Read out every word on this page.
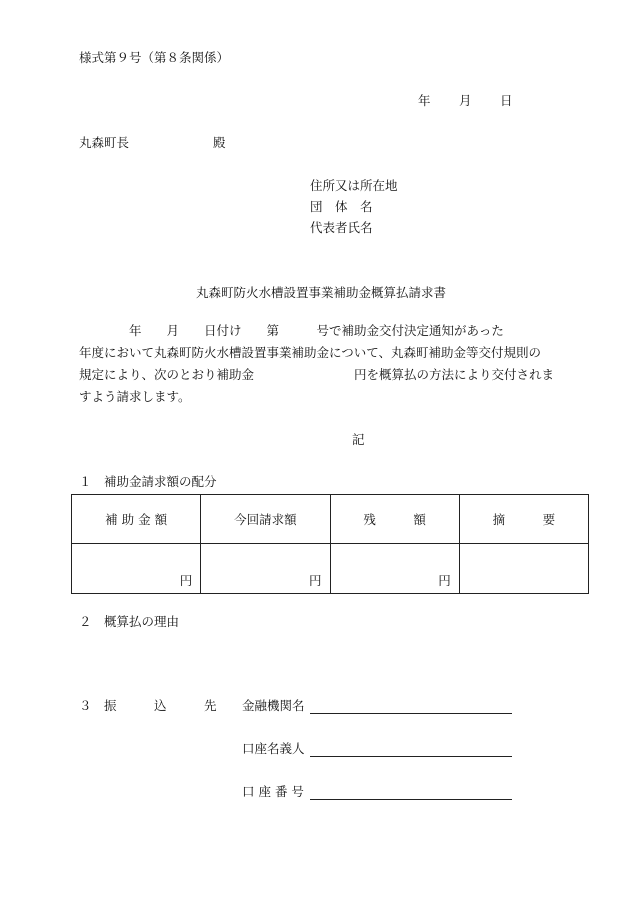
様式第９号（第８条関係）
年 月 日
丸森町長	殿
住所又は所在地
団　体　名
代表者氏名
丸森町防火水槽設置事業補助金概算払請求書
　　　　年　　月　　日付け　　第　　　号で補助金交付決定通知があった
年度において丸森町防火水槽設置事業補助金について、丸森町補助金等交付規則の
規定により、次のとおり補助金　　　　　　　　円を概算払の方法により交付されま
すよう請求します。
記
１　補助金請求額の配分
補 助 金 額	今回請求額	残　　　額	摘　　　要
円	円	円	
２　概算払の理由
３　振　　　込　　　先 金融機関名
口座名義人
口 座 番 号
